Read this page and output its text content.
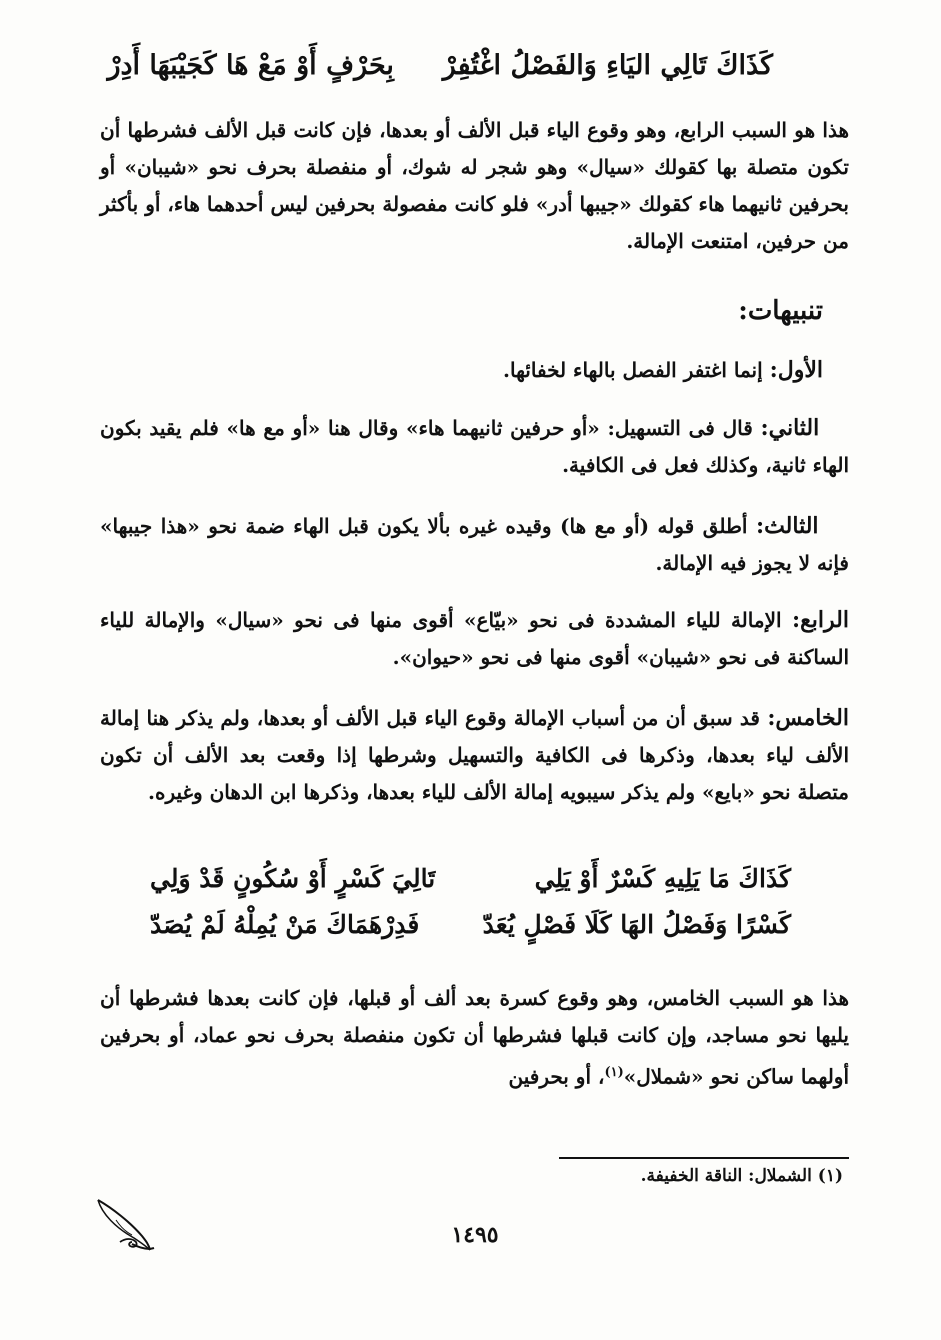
كَذَاكَ تَالِي اليَاءِ وَالفَصْلُ اغْتُفِرْ  بِحَرْفٍ أَوْ مَعْ هَا كَجَيْبَهَا أَدِرْ
هذا هو السبب الرابع، وهو وقوع الياء قبل الألف أو بعدها، فإن كانت قبل الألف فشرطها أن تكون متصلة بها كقولك «سيال» وهو شجر له شوك، أو منفصلة بحرف نحو «شيبان» أو بحرفين ثانيهما هاء كقولك «جيبها أدر» فلو كانت مفصولة بحرفين ليس أحدهما هاء، أو بأكثر من حرفين، امتنعت الإمالة.
تنبيهات:
الأول: إنما اغتفر الفصل بالهاء لخفائها.
الثاني: قال فى التسهيل: «أو حرفين ثانيهما هاء» وقال هنا «أو مع ها» فلم يقيد بكون الهاء ثانية، وكذلك فعل فى الكافية.
الثالث: أطلق قوله (أو مع ها) وقيده غيره بألا يكون قبل الهاء ضمة نحو «هذا جيبها» فإنه لا يجوز فيه الإمالة.
الرابع: الإمالة للياء المشددة فى نحو «بيّاع» أقوى منها فى نحو «سيال» والإمالة للياء الساكنة فى نحو «شيبان» أقوى منها فى نحو «حيوان».
الخامس: قد سبق أن من أسباب الإمالة وقوع الياء قبل الألف أو بعدها، ولم يذكر هنا إمالة الألف لياء بعدها، وذكرها فى الكافية والتسهيل وشرطها إذا وقعت بعد الألف أن تكون متصلة نحو «بايع» ولم يذكر سيبويه إمالة الألف للياء بعدها، وذكرها ابن الدهان وغيره.
كَذَاكَ مَا يَلِيهِ كَسْرٌ أَوْ يَلِي تَالِيَ كَسْرٍ أَوْ سُكُونٍ قَدْ وَلِي
كَسْرًا وَفَصْلُ الهَا كَلَا فَصْلٍ يُعَدّ فَدِرْهَمَاكَ مَنْ يُمِلْهُ لَمْ يُصَدّ
هذا هو السبب الخامس، وهو وقوع كسرة بعد ألف أو قبلها، فإن كانت بعدها فشرطها أن يليها نحو مساجد، وإن كانت قبلها فشرطها أن تكون منفصلة بحرف نحو عماد، أو بحرفين أولهما ساكن نحو «شملال»$^{(١)}$، أو بحرفين
(١) الشملال: الناقة الخفيفة.
١٤٩٥
